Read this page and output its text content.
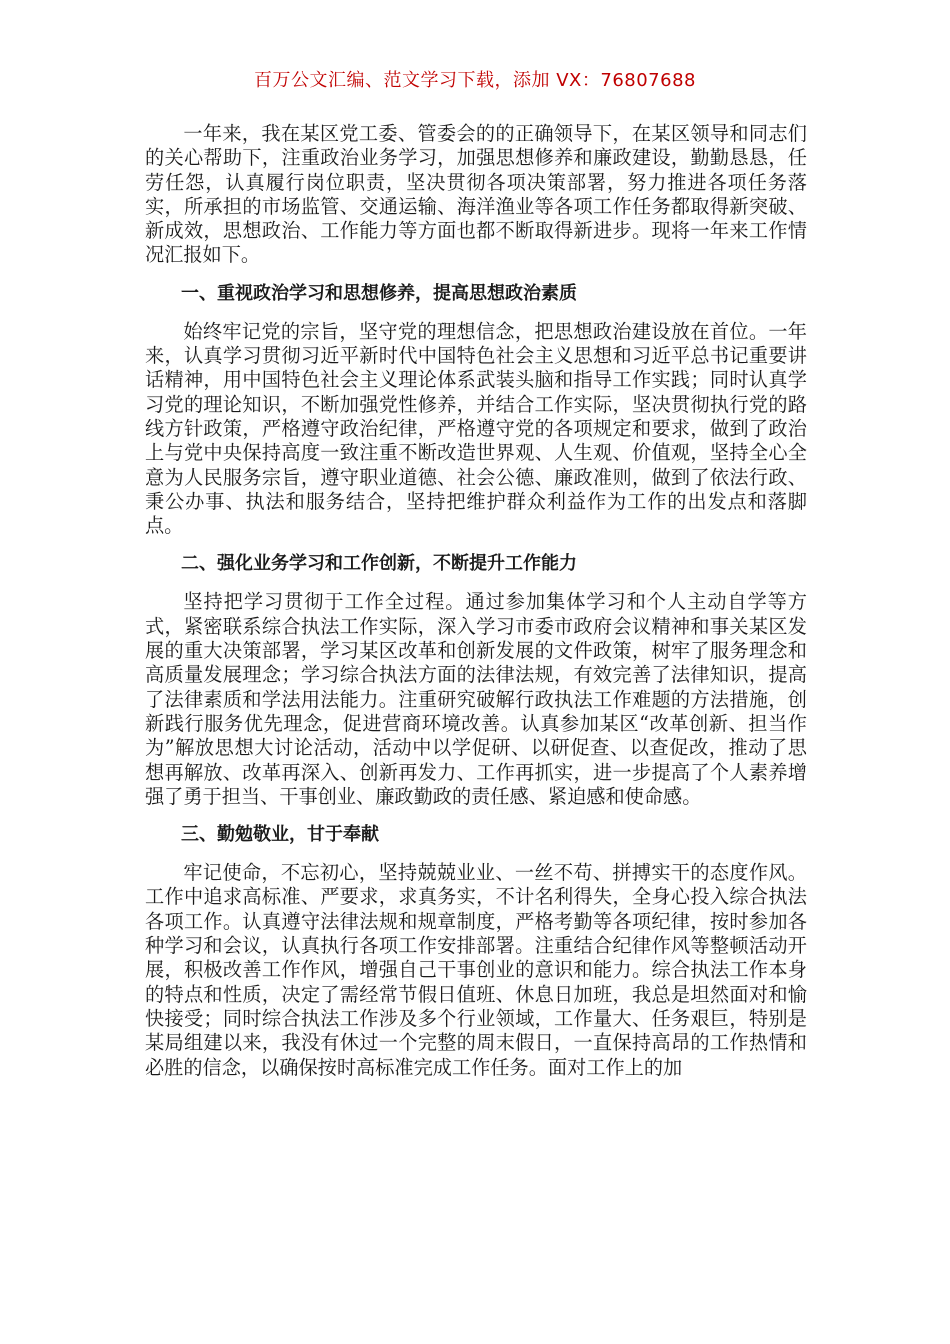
百万公文汇编、范文学习下载，添加 VX：76807688

一年来，我在某区党工委、管委会的的正确领导下，在某区领导和同志们的关心帮助下，注重政治业务学习，加强思想修养和廉政建设，勤勤恳恳，任劳任怨，认真履行岗位职责，坚决贯彻各项决策部署，努力推进各项任务落实，所承担的市场监管、交通运输、海洋渔业等各项工作任务都取得新突破、新成效，思想政治、工作能力等方面也都不断取得新进步。现将一年来工作情况汇报如下。

一、重视政治学习和思想修养，提高思想政治素质

始终牢记党的宗旨，坚守党的理想信念，把思想政治建设放在首位。一年来，认真学习贯彻习近平新时代中国特色社会主义思想和习近平总书记重要讲话精神，用中国特色社会主义理论体系武装头脑和指导工作实践；同时认真学习党的理论知识，不断加强党性修养，并结合工作实际，坚决贯彻执行党的路线方针政策，严格遵守政治纪律，严格遵守党的各项规定和要求，做到了政治上与党中央保持高度一致注重不断改造世界观、人生观、价值观，坚持全心全意为人民服务宗旨，遵守职业道德、社会公德、廉政准则，做到了依法行政、秉公办事、执法和服务结合，坚持把维护群众利益作为工作的出发点和落脚点。

二、强化业务学习和工作创新，不断提升工作能力

坚持把学习贯彻于工作全过程。通过参加集体学习和个人主动自学等方式，紧密联系综合执法工作实际，深入学习市委市政府会议精神和事关某区发展的重大决策部署，学习某区改革和创新发展的文件政策，树牢了服务理念和高质量发展理念；学习综合执法方面的法律法规，有效完善了法律知识，提高了法律素质和学法用法能力。注重研究破解行政执法工作难题的方法措施，创新践行服务优先理念，促进营商环境改善。认真参加某区“改革创新、担当作为”解放思想大讨论活动，活动中以学促研、以研促查、以查促改，推动了思想再解放、改革再深入、创新再发力、工作再抓实，进一步提高了个人素养增强了勇于担当、干事创业、廉政勤政的责任感、紧迫感和使命感。

三、勤勉敬业，甘于奉献

牢记使命，不忘初心，坚持兢兢业业、一丝不苟、拼搏实干的态度作风。工作中追求高标准、严要求，求真务实，不计名利得失，全身心投入综合执法各项工作。认真遵守法律法规和规章制度，严格考勤等各项纪律，按时参加各种学习和会议，认真执行各项工作安排部署。注重结合纪律作风等整顿活动开展，积极改善工作作风，增强自己干事创业的意识和能力。综合执法工作本身的特点和性质，决定了需经常节假日值班、休息日加班，我总是坦然面对和愉快接受；同时综合执法工作涉及多个行业领域，工作量大、任务艰巨，特别是某局组建以来，我没有休过一个完整的周末假日，一直保持高昂的工作热情和必胜的信念，以确保按时高标准完成工作任务。面对工作上的加
